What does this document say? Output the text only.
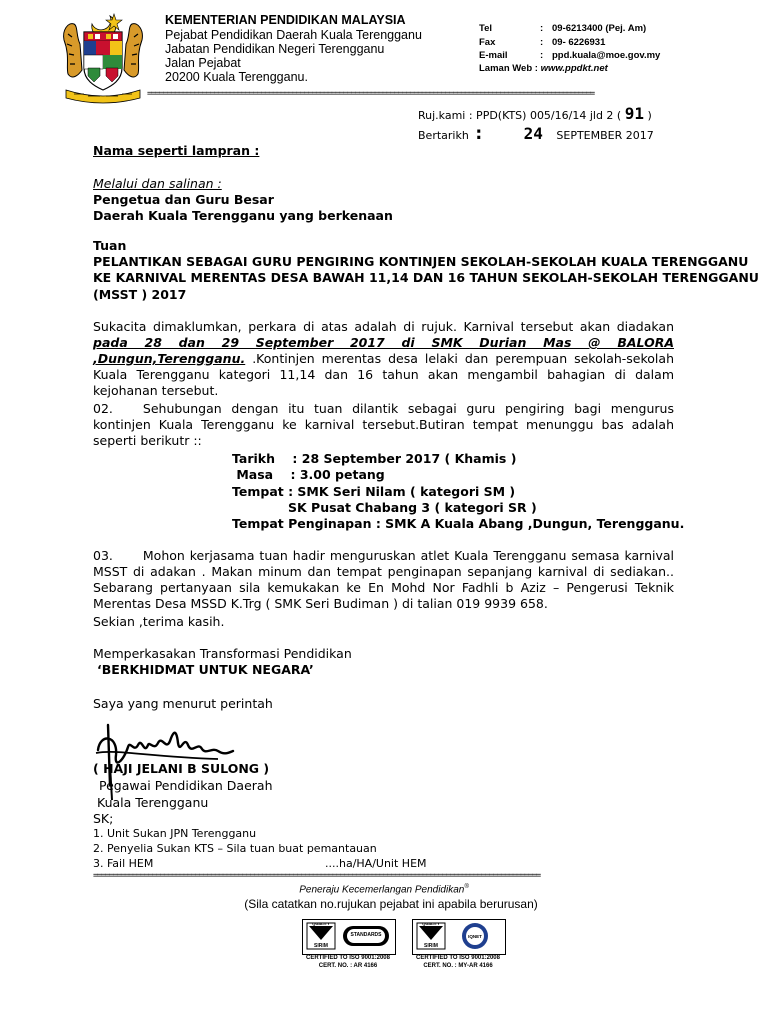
KEMENTERIAN PENDIDIKAN MALAYSIA
Pejabat Pendidikan Daerah Kuala Terengganu
Jabatan Pendidikan Negeri Terengganu
Jalan Pejabat
20200 Kuala Terengganu.
Tel	: 09-6213400 (Pej. Am)
Fax	: 09- 6226931
E-mail	: ppd.kuala@moe.gov.my
Laman Web : www.ppdkt.net
==================================================================================================================
Ruj.kami : PPD(KTS) 005/16/14 jld 2 ( 91 )
Bertarikh :	24 SEPTEMBER 2017
Nama seperti lampran :
Melalui dan salinan :
Pengetua dan Guru Besar
Daerah Kuala Terengganu yang berkenaan
Tuan
PELANTIKAN SEBAGAI GURU PENGIRING KONTINJEN SEKOLAH-SEKOLAH KUALA TERENGGANU
KE KARNIVAL MERENTAS DESA BAWAH 11,14 DAN 16 TAHUN SEKOLAH-SEKOLAH TERENGGANU
(MSST ) 2017
Sukacita dimaklumkan, perkara di atas adalah di rujuk. Karnival tersebut akan diadakan pada 28 dan 29 September 2017 di SMK Durian Mas @ BALORA ,Dungun,Terengganu. .Kontinjen merentas desa lelaki dan perempuan sekolah-sekolah Kuala Terengganu kategori 11,14 dan 16 tahun akan mengambil bahagian di dalam kejohanan tersebut.
02. Sehubungan dengan itu tuan dilantik sebagai guru pengiring bagi mengurus kontinjen Kuala Terengganu ke karnival tersebut.Butiran tempat menunggu bas adalah seperti berikutr ::
Tarikh    : 28 September 2017 ( Khamis )
Masa    : 3.00 petang
Tempat : SMK Seri Nilam ( kategori SM )
SK Pusat Chabang 3 ( kategori SR )
Tempat Penginapan : SMK A Kuala Abang ,Dungun, Terengganu.
03. Mohon kerjasama tuan hadir menguruskan atlet Kuala Terengganu semasa karnival MSST di adakan . Makan minum dan tempat penginapan sepanjang karnival di sediakan.. Sebarang pertanyaan sila kemukakan ke En Mohd Nor Fadhli b Aziz – Pengerusi Teknik Merentas Desa MSSD K.Trg ( SMK Seri Budiman ) di talian 019 9939 658.
Sekian ,terima kasih.
Memperkasakan Transformasi Pendidikan
‘BERKHIDMAT UNTUK NEGARA’
Saya yang menurut perintah
( HAJI JELANI B SULONG )
Pegawai Pendidikan Daerah
Kuala Terengganu
SK;
1. Unit Sukan JPN Terengganu
2. Penyelia Sukan KTS – Sila tuan buat pemantauan
3. Fail HEM	....ha/HA/Unit HEM
==================================================================================================================
Peneraju Kecemerlangan Pendidikan®
(Sila catatkan no.rujukan pejabat ini apabila berurusan)
QUALITY SYSTEM
SIRIM
STANDARDS
CERTIFIED TO ISO 9001:2008
CERT. NO. : AR 4166
QUALITY SYSTEM
SIRIM
IQNET
CERTIFIED TO ISO 9001:2008
CERT. NO. : MY-AR 4166
